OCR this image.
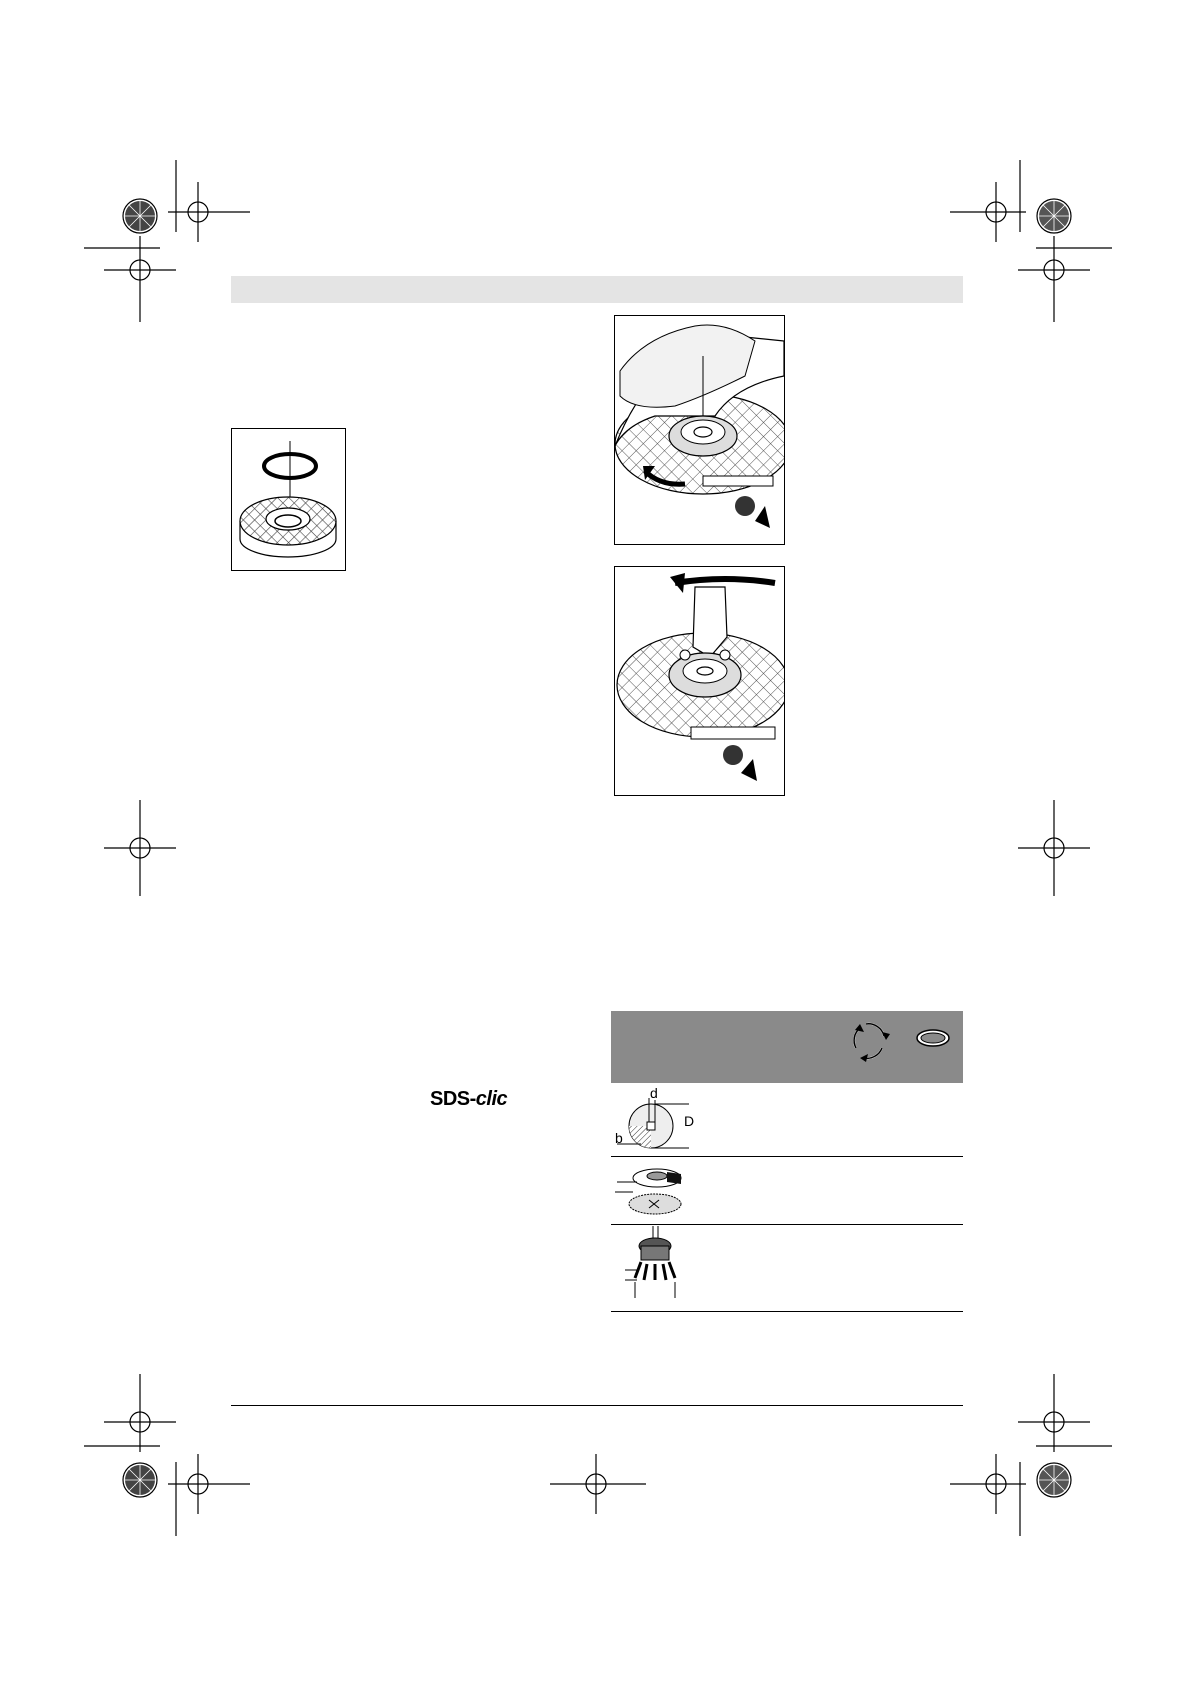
SDS-clic	d
D
b
